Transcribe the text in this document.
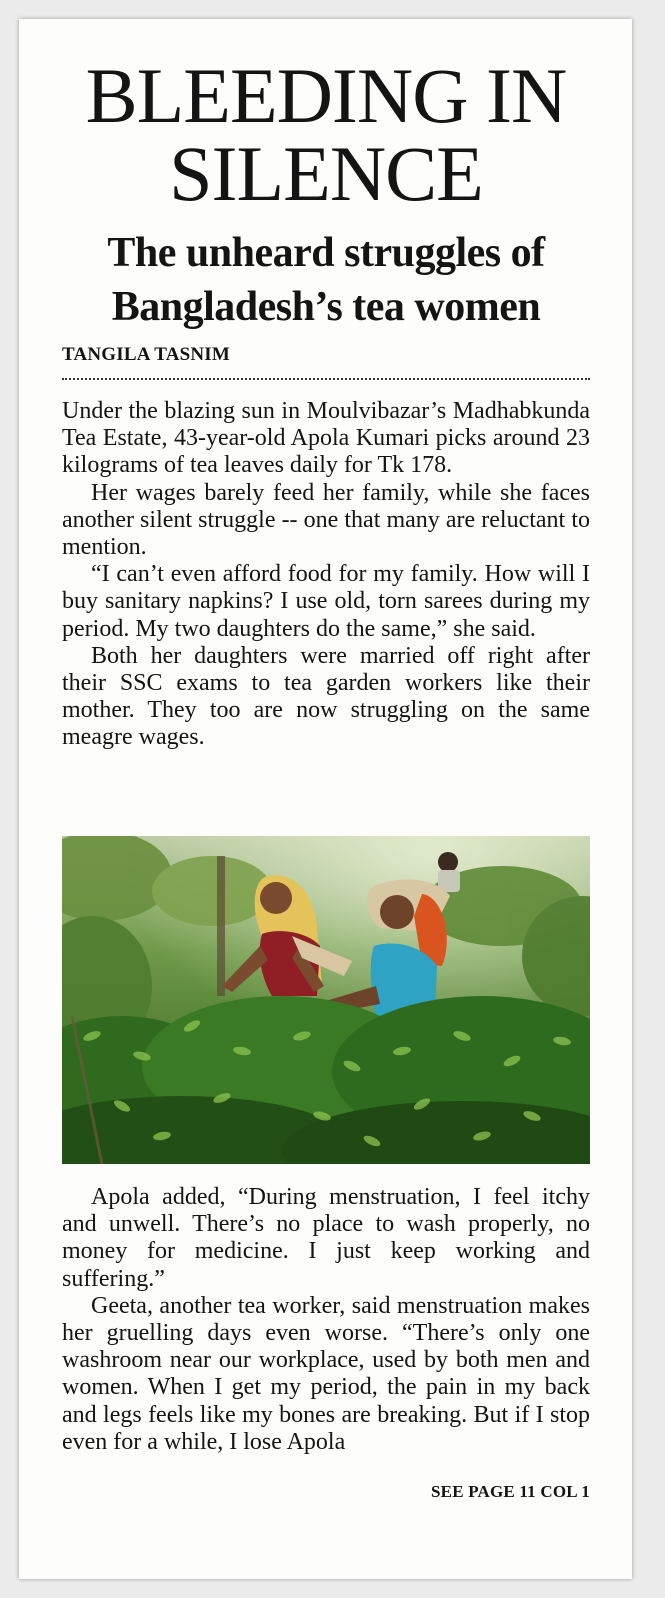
BLEEDING IN
SILENCE
The unheard struggles of
Bangladesh’s tea women
TANGILA TASNIM

Under the blazing sun in Moulvibazar’s Madhabkunda Tea Estate, 43-year-old Apola Kumari picks around 23 kilograms of tea leaves daily for Tk 178.

Her wages barely feed her family, while she faces another silent struggle -- one that many are reluctant to mention.

“I can’t even afford food for my family. How will I buy sanitary napkins? I use old, torn sarees during my period. My two daughters do the same,” she said.

Both her daughters were married off right after their SSC exams to tea garden workers like their mother. They too are now struggling on the same meagre wages.

Apola added, “During menstruation, I feel itchy and unwell. There’s no place to wash properly, no money for medicine. I just keep working and suffering.”

Geeta, another tea worker, said menstruation makes her gruelling days even worse. “There’s only one washroom near our workplace, used by both men and women. When I get my period, the pain in my back and legs feels like my bones are breaking. But if I stop even for a while, I lose Apola

SEE PAGE 11 COL 1
